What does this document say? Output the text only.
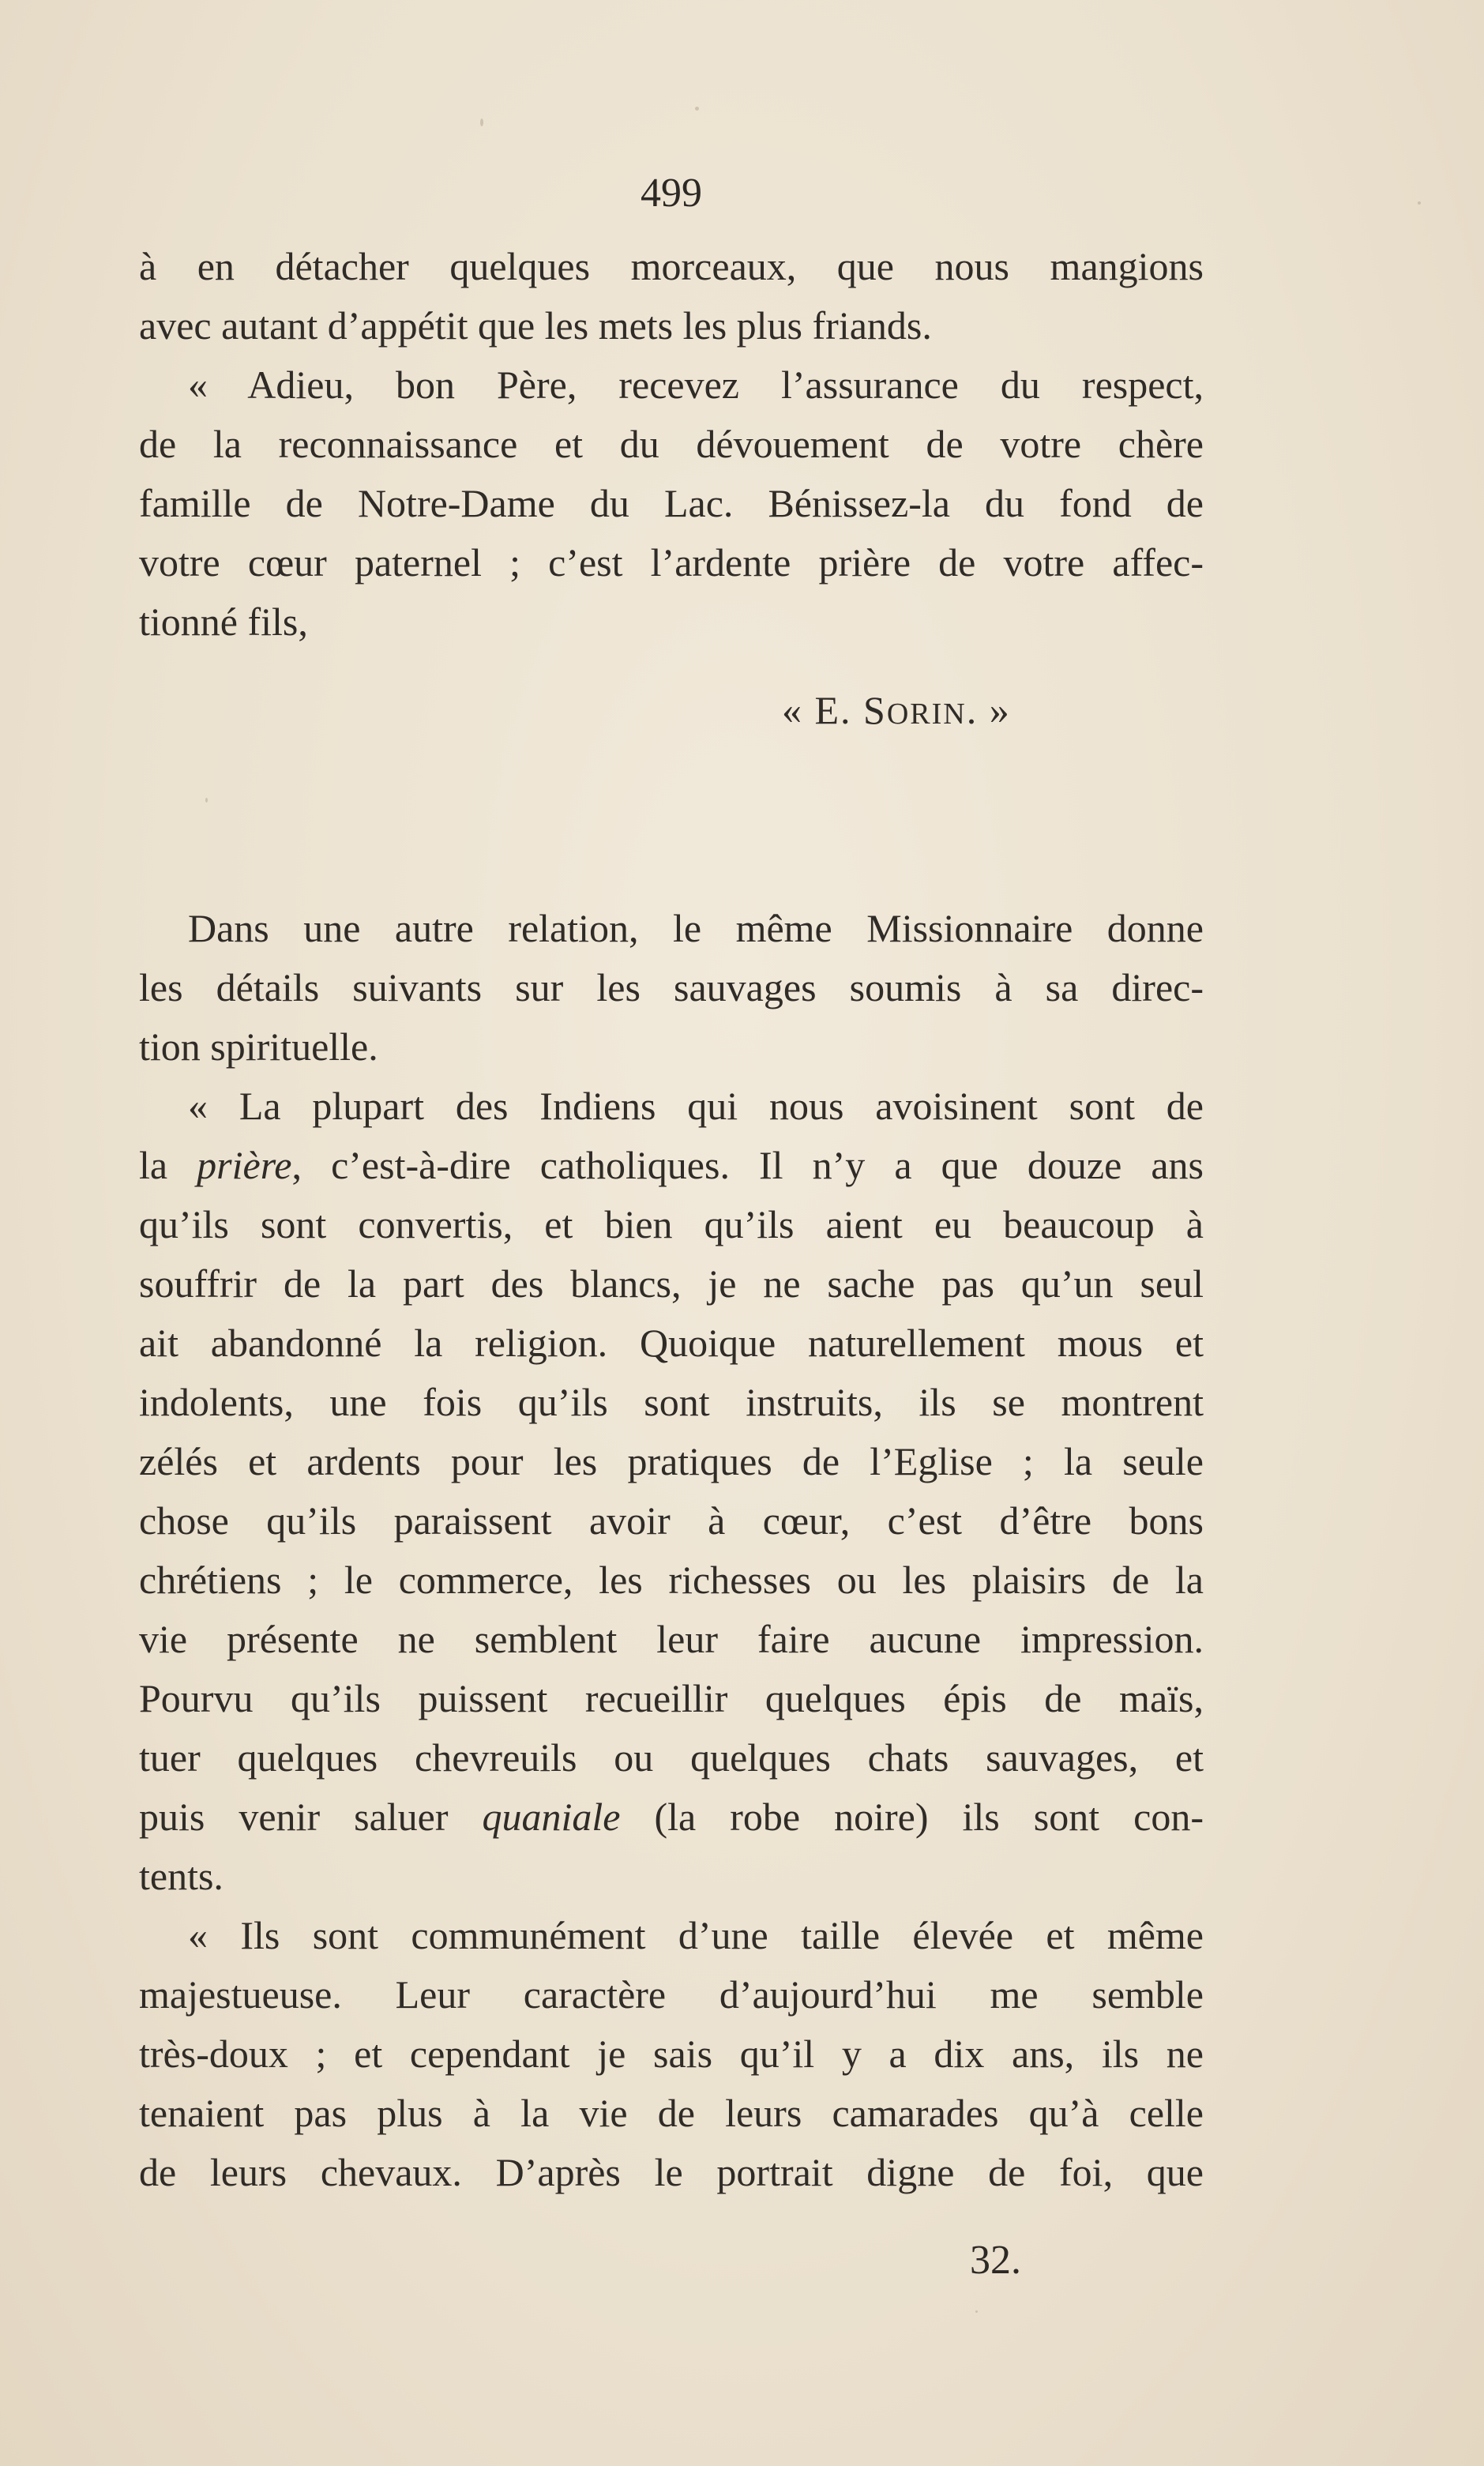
499
à en détacher quelques morceaux, que nous mangions
avec autant d’appétit que les mets les plus friands.
« Adieu, bon Père, recevez l’assurance du respect,
de la reconnaissance et du dévouement de votre chère
famille de Notre-Dame du Lac. Bénissez-la du fond de
votre cœur paternel ; c’est l’ardente prière de votre affec-
tionné fils,
« E. SORIN. »
Dans une autre relation, le même Missionnaire donne
les détails suivants sur les sauvages soumis à sa direc-
tion spirituelle.
« La plupart des Indiens qui nous avoisinent sont de
la prière, c’est-à-dire catholiques. Il n’y a que douze ans
qu’ils sont convertis, et bien qu’ils aient eu beaucoup à
souffrir de la part des blancs, je ne sache pas qu’un seul
ait abandonné la religion. Quoique naturellement mous et
indolents, une fois qu’ils sont instruits, ils se montrent
zélés et ardents pour les pratiques de l’Eglise ; la seule
chose qu’ils paraissent avoir à cœur, c’est d’être bons
chrétiens ; le commerce, les richesses ou les plaisirs de la
vie présente ne semblent leur faire aucune impression.
Pourvu qu’ils puissent recueillir quelques épis de maïs,
tuer quelques chevreuils ou quelques chats sauvages, et
puis venir saluer quaniale (la robe noire) ils sont con-
tents.
« Ils sont communément d’une taille élevée et même
majestueuse. Leur caractère d’aujourd’hui me semble
très-doux ; et cependant je sais qu’il y a dix ans, ils ne
tenaient pas plus à la vie de leurs camarades qu’à celle
de leurs chevaux. D’après le portrait digne de foi, que
32.
